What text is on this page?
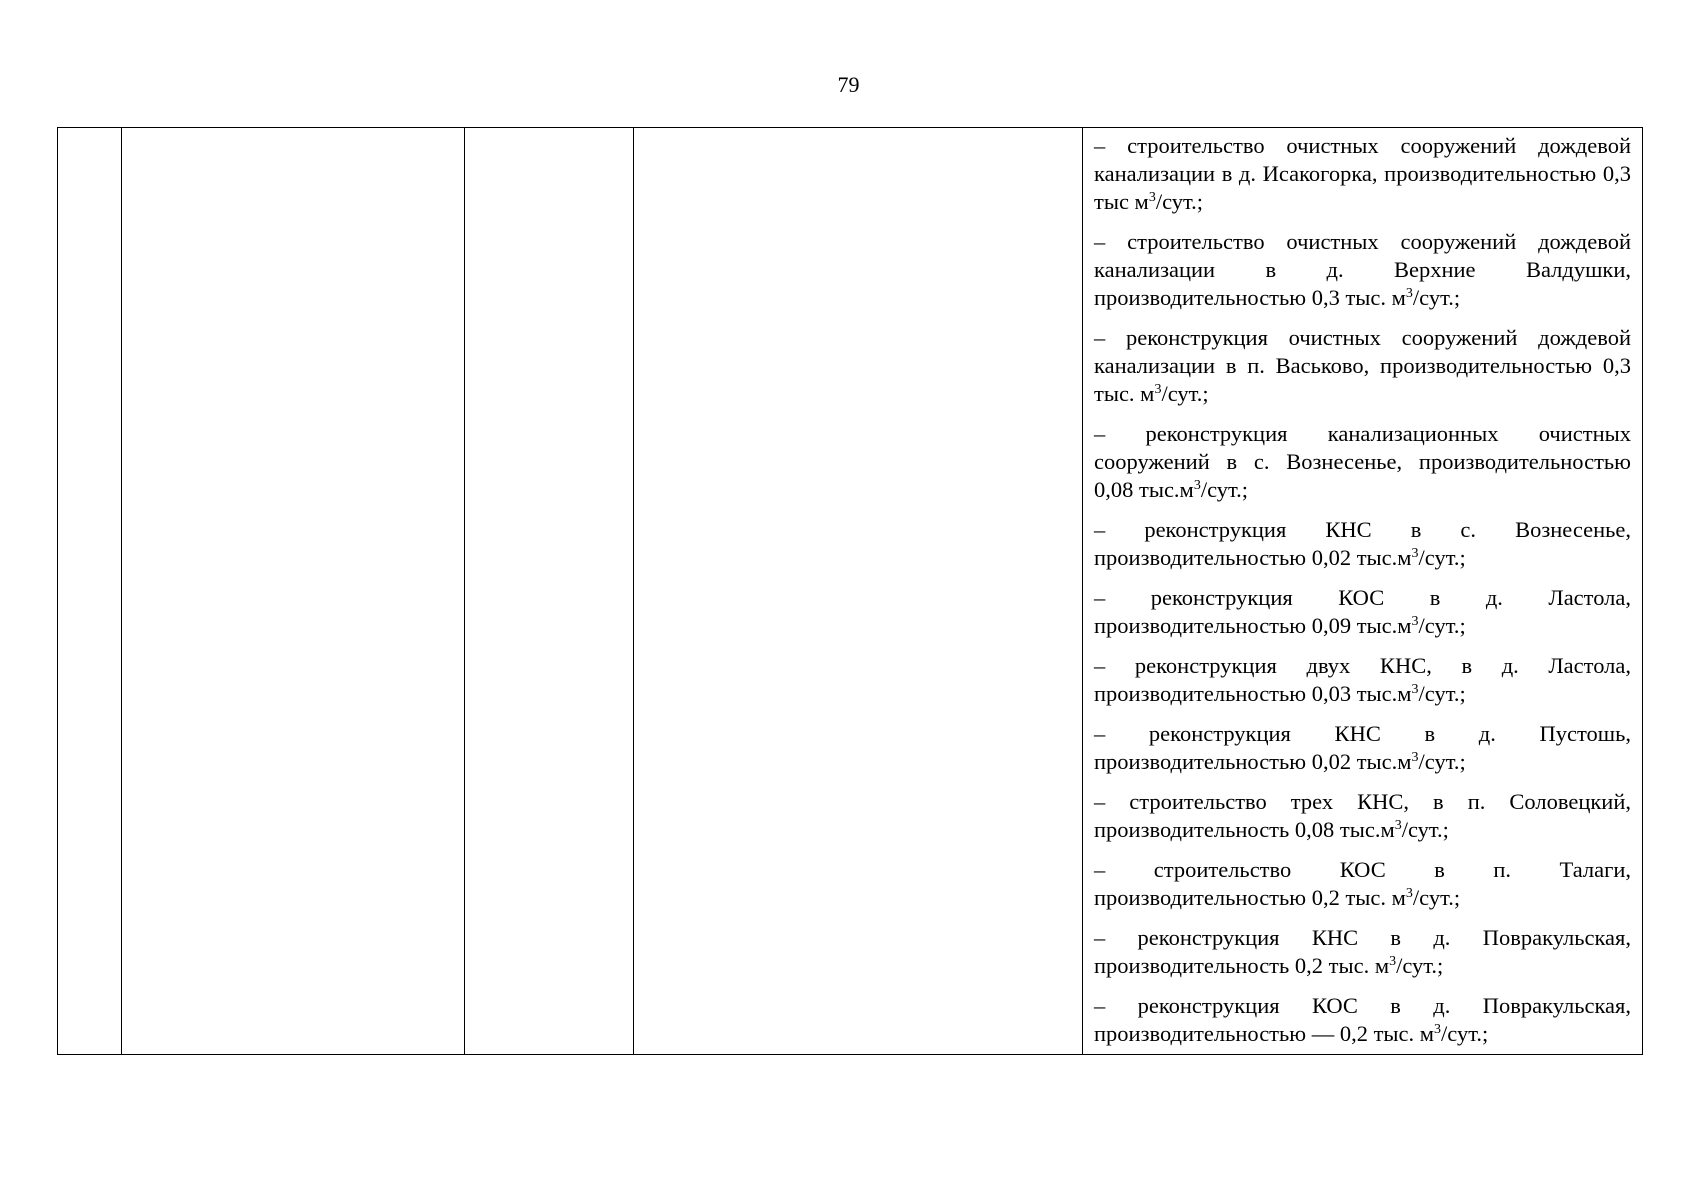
79

– строительство очистных сооружений дождевой канализации в д. Исакогорка, производительностью 0,3 тыс $м^3$/сут.;

– строительство очистных сооружений дождевой канализации в д. Верхние Валдушки, производительностью 0,3 тыс. $м^3$/сут.;

– реконструкция очистных сооружений дождевой канализации в п. Васьково, производительностью 0,3 тыс. $м^3$/сут.;

– реконструкция канализационных очистных сооружений в с. Вознесенье, производительностью 0,08 $тыс.м^3$/сут.;

– реконструкция КНС в с. Вознесенье, производительностью 0,02 $тыс.м^3$/сут.;

– реконструкция КОС в д. Ластола, производительностью 0,09 $тыс.м^3$/сут.;

– реконструкция двух КНС, в д. Ластола, производительностью 0,03 $тыс.м^3$/сут.;

– реконструкция КНС в д. Пустошь, производительностью 0,02 $тыс.м^3$/сут.;

– строительство трех КНС, в п. Соловецкий, производительность 0,08 $тыс.м^3$/сут.;

– строительство КОС в п. Талаги, производительностью 0,2 тыс. $м^3$/сут.;

– реконструкция КНС в д. Повракульская, производительность 0,2 тыс. $м^3$/сут.;

– реконструкция КОС в д. Повракульская, производительностью — 0,2 тыс. $м^3$/сут.;
